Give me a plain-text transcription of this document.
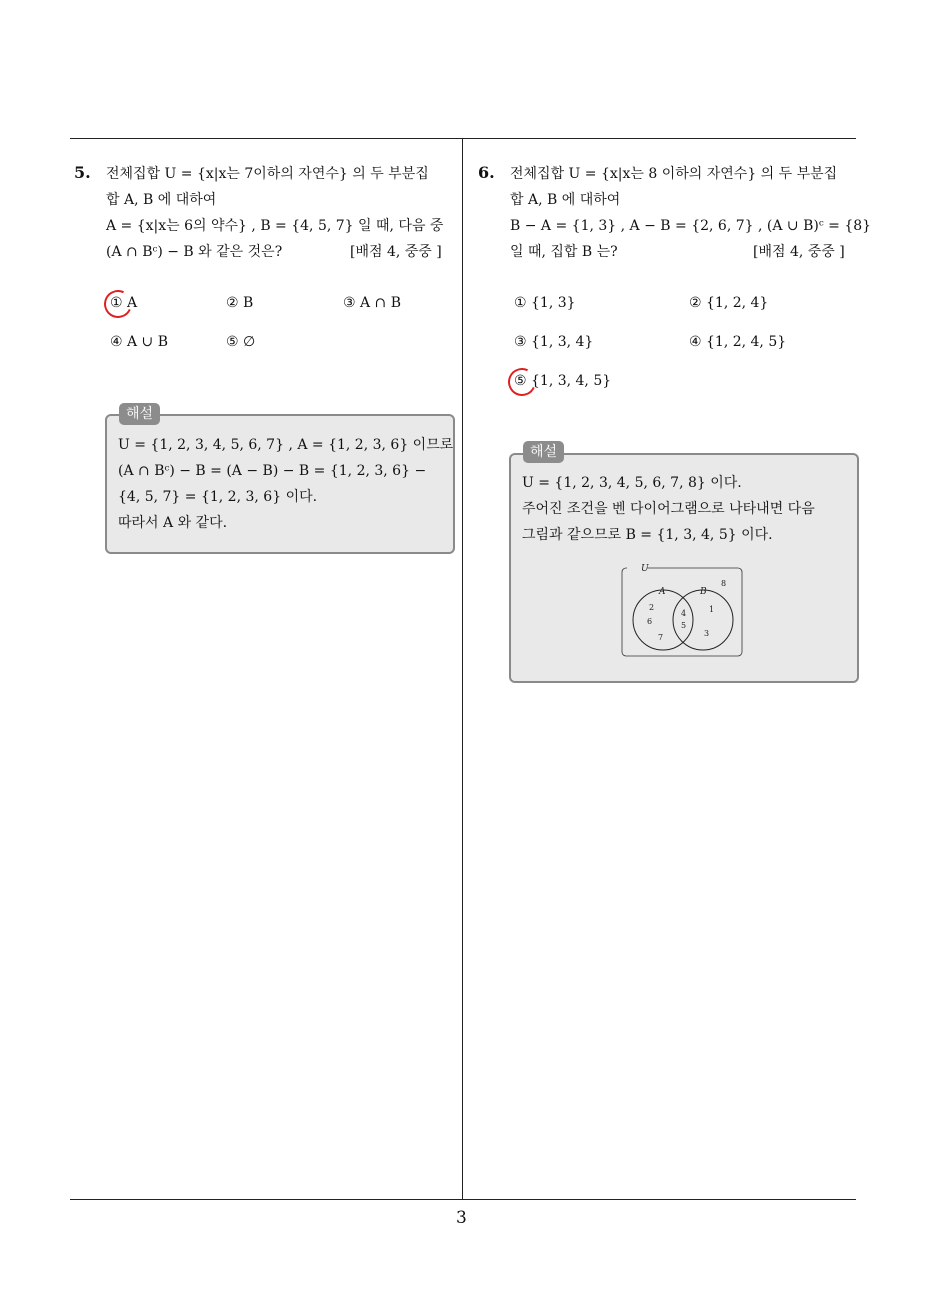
5. 전체집합 U = {x|x는 7이하의 자연수} 의 두 부분집
합 A, B 에 대하여
A = {x|x는 6의 약수} , B = {4, 5, 7} 일 때, 다음 중
(A ∩ Bᶜ) − B 와 같은 것은?	[배점 4, 중중 ]
① A	② B	③ A ∩ B
④ A ∪ B	⑤ ∅
해설
U = {1, 2, 3, 4, 5, 6, 7} , A = {1, 2, 3, 6} 이므로
(A ∩ Bᶜ) − B = (A − B) − B = {1, 2, 3, 6} −
{4, 5, 7} = {1, 2, 3, 6} 이다.
따라서 A 와 같다.
6. 전체집합 U = {x|x는 8 이하의 자연수} 의 두 부분집
합 A, B 에 대하여
B − A = {1, 3} , A − B = {2, 6, 7} , (A ∪ B)ᶜ = {8}
일 때, 집합 B 는?	[배점 4, 중중 ]
① {1, 3}	② {1, 2, 4}
③ {1, 3, 4}	④ {1, 2, 4, 5}
⑤ {1, 3, 4, 5}
해설
U = {1, 2, 3, 4, 5, 6, 7, 8} 이다.
주어진 조건을 벤 다이어그램으로 나타내면 다음
그림과 같으므로 B = {1, 3, 4, 5} 이다.
U
A	B
2
6
7
4
5
1
3
8
3
